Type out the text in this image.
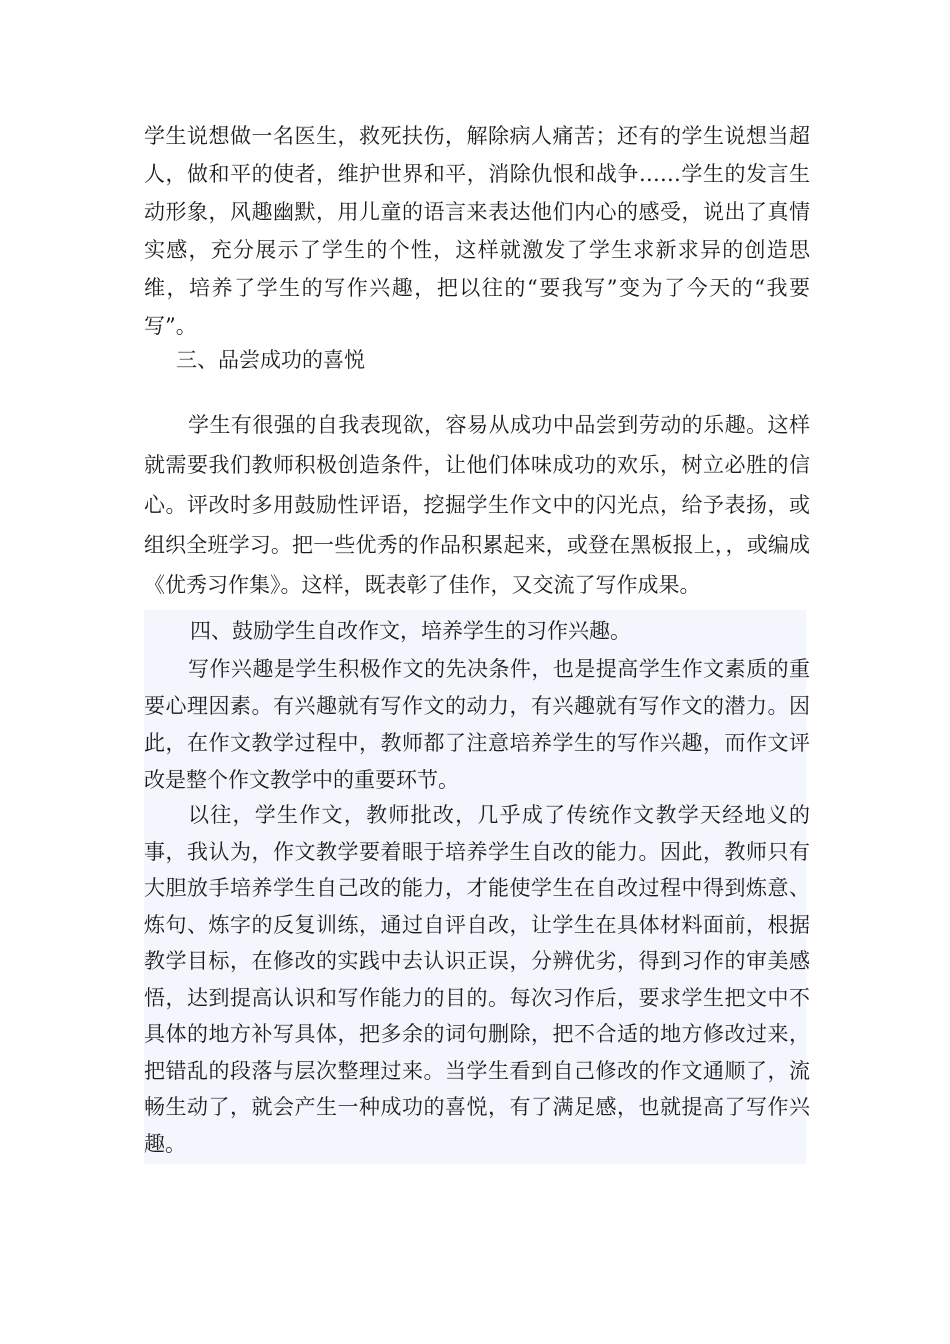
学生说想做一名医生，救死扶伤，解除病人痛苦；还有的学生说想当超人，做和平的使者，维护世界和平，消除仇恨和战争……学生的发言生动形象，风趣幽默，用儿童的语言来表达他们内心的感受，说出了真情实感，充分展示了学生的个性，这样就激发了学生求新求异的创造思维，培养了学生的写作兴趣，把以往的“要我写”变为了今天的“我要写”。

三、品尝成功的喜悦

学生有很强的自我表现欲，容易从成功中品尝到劳动的乐趣。这样就需要我们教师积极创造条件，让他们体味成功的欢乐，树立必胜的信心。评改时多用鼓励性评语，挖掘学生作文中的闪光点，给予表扬，或组织全班学习。把一些优秀的作品积累起来，或登在黑板报上，，或编成《优秀习作集》。这样，既表彰了佳作，又交流了写作成果。

四、鼓励学生自改作文，培养学生的习作兴趣。

写作兴趣是学生积极作文的先决条件，也是提高学生作文素质的重要心理因素。有兴趣就有写作文的动力，有兴趣就有写作文的潜力。因此，在作文教学过程中，教师都了注意培养学生的写作兴趣，而作文评改是整个作文教学中的重要环节。

以往，学生作文，教师批改，几乎成了传统作文教学天经地义的事，我认为，作文教学要着眼于培养学生自改的能力。因此，教师只有大胆放手培养学生自己改的能力，才能使学生在自改过程中得到炼意、炼句、炼字的反复训练，通过自评自改，让学生在具体材料面前，根据教学目标，在修改的实践中去认识正误，分辨优劣，得到习作的审美感悟，达到提高认识和写作能力的目的。每次习作后，要求学生把文中不具体的地方补写具体，把多余的词句删除，把不合适的地方修改过来，把错乱的段落与层次整理过来。当学生看到自己修改的作文通顺了，流畅生动了，就会产生一种成功的喜悦，有了满足感，也就提高了写作兴趣。
